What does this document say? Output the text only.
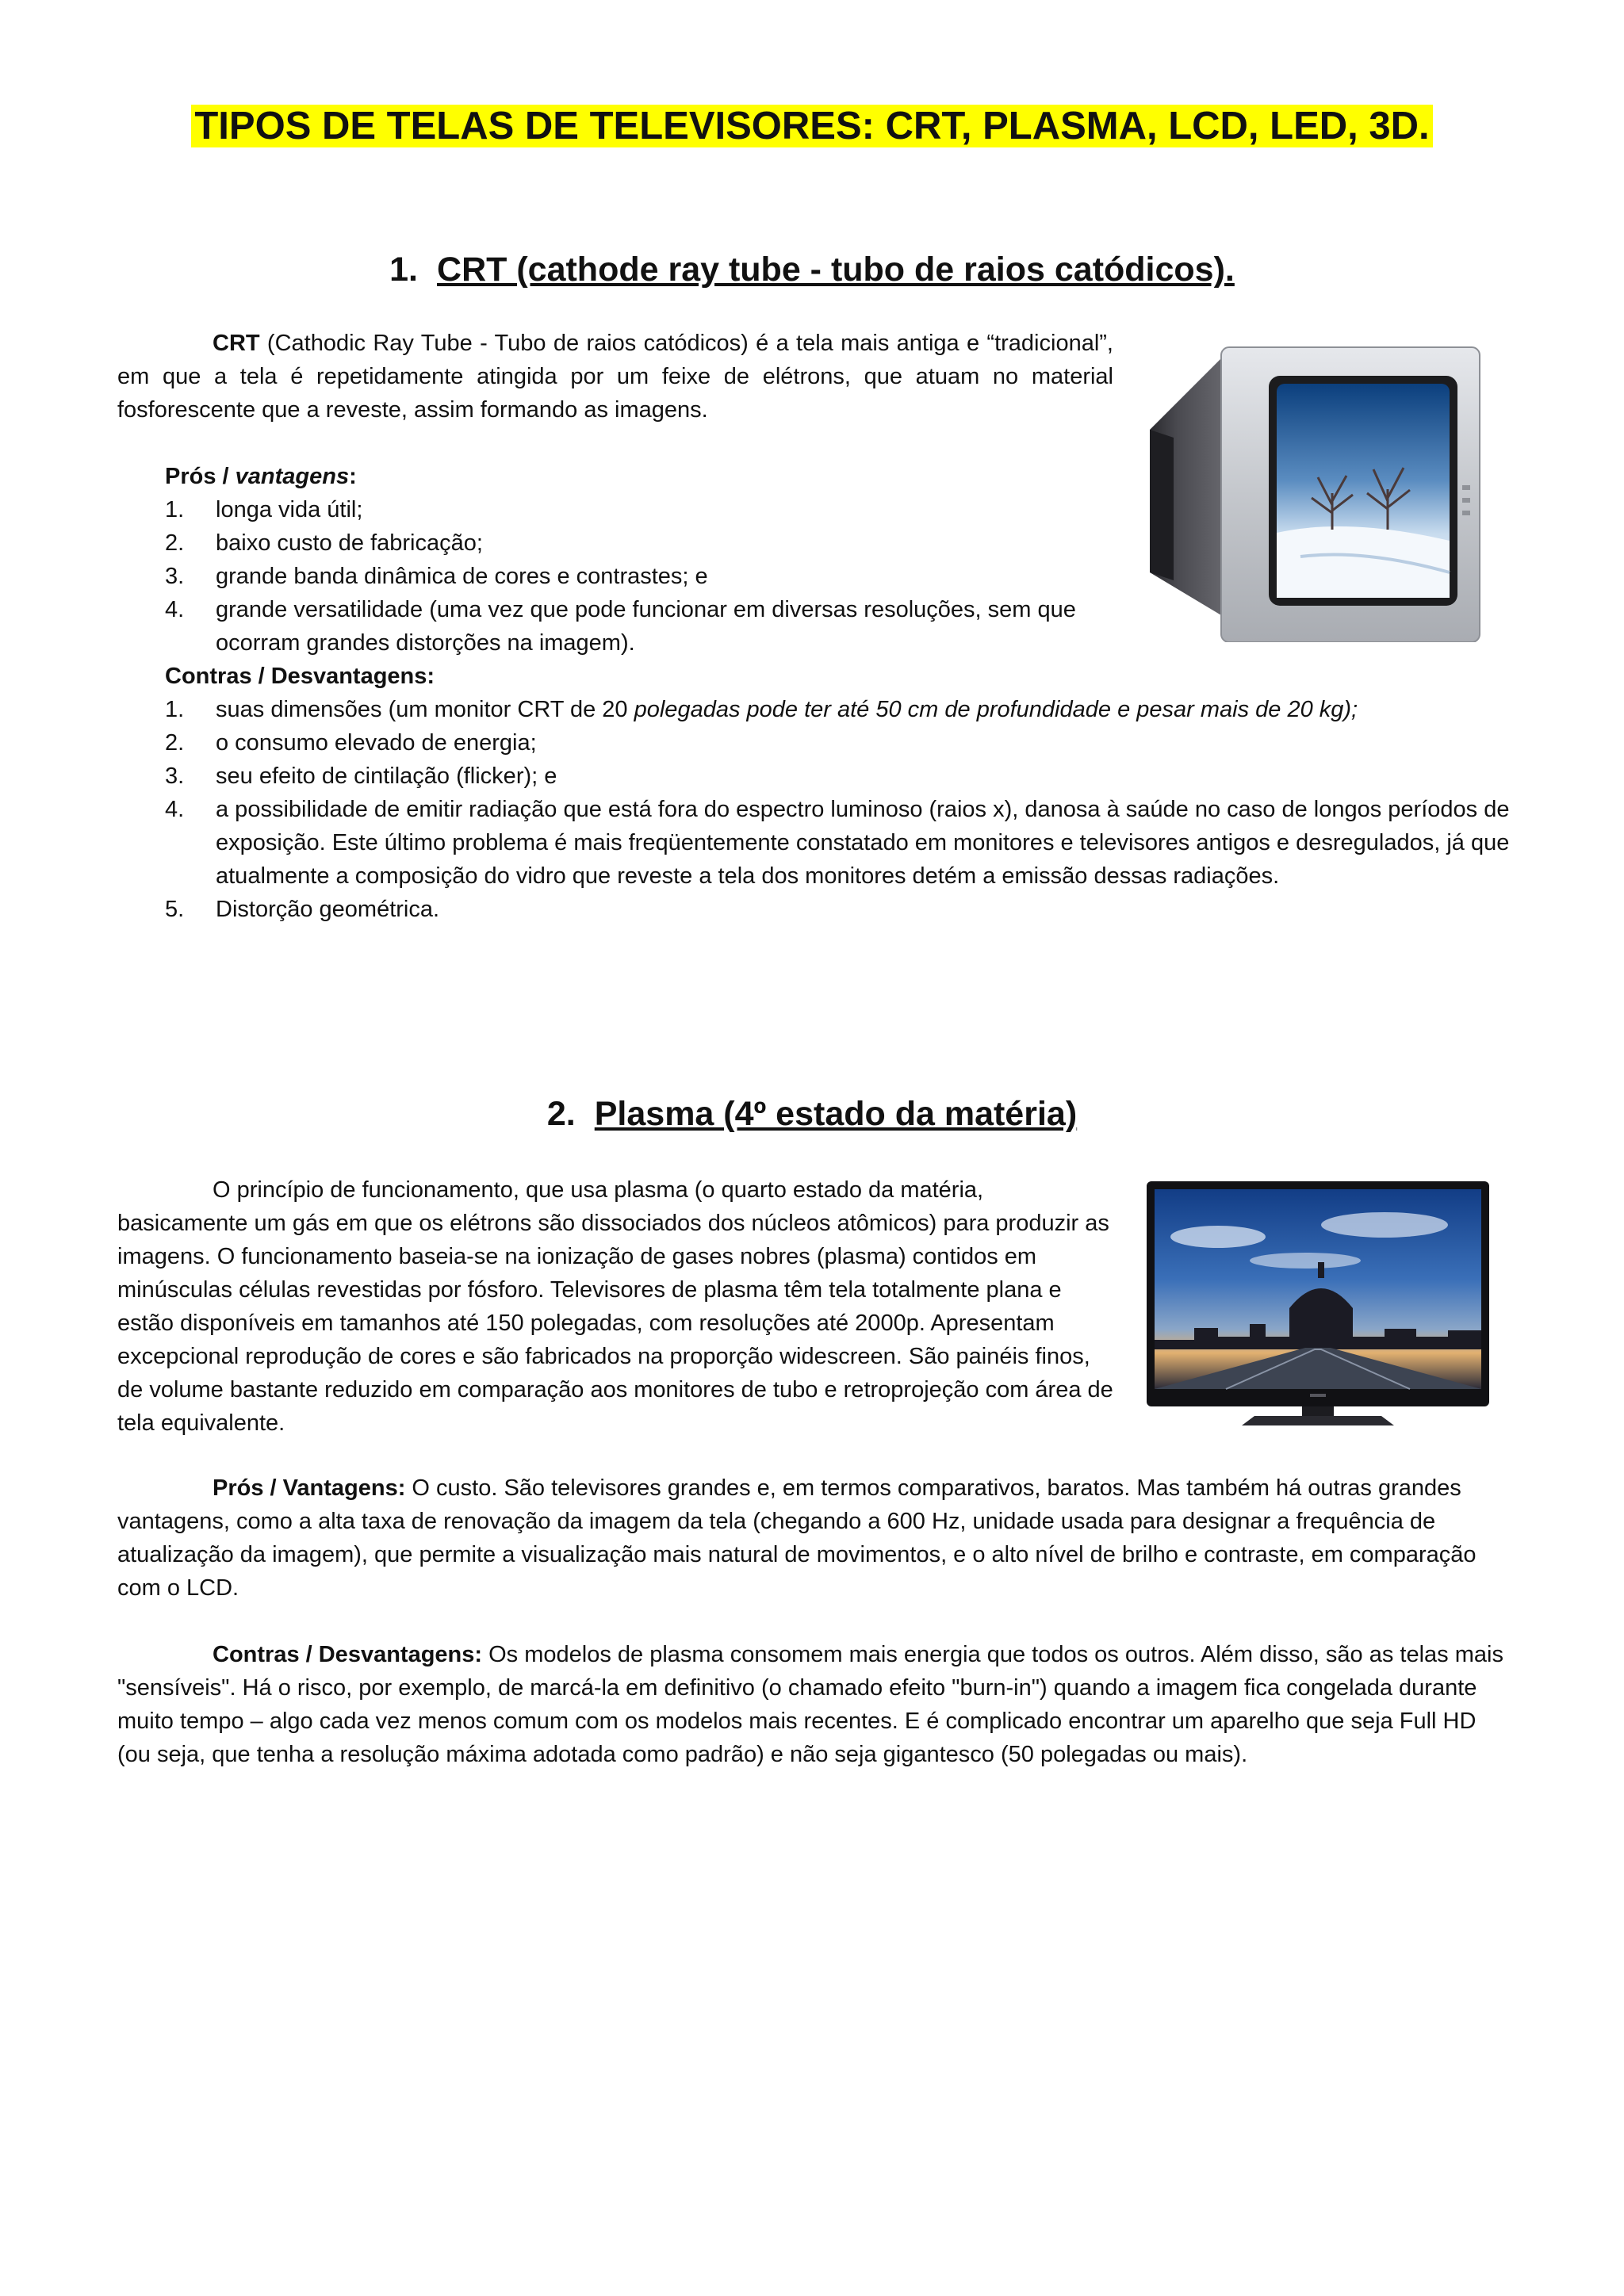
TIPOS DE TELAS DE TELEVISORES: CRT, PLASMA, LCD, LED, 3D.
1. CRT (cathode ray tube - tubo de raios catódicos).

CRT (Cathodic Ray Tube - Tubo de raios catódicos) é a tela mais antiga e “tradicional”, em que a tela é repetidamente atingida por um feixe de elétrons, que atuam no material fosforescente que a reveste, assim formando as imagens.

Prós / vantagens:
1. longa vida útil;
2. baixo custo de fabricação;
3. grande banda dinâmica de cores e contrastes; e
4. grande versatilidade (uma vez que pode funcionar em diversas resoluções, sem que ocorram grandes distorções na imagem).
Contras / Desvantagens:
1. suas dimensões (um monitor CRT de 20 polegadas pode ter até 50 cm de profundidade e pesar mais de 20 kg);
2. o consumo elevado de energia;
3. seu efeito de cintilação (flicker); e
4. a possibilidade de emitir radiação que está fora do espectro luminoso (raios x), danosa à saúde no caso de longos períodos de exposição. Este último problema é mais freqüentemente constatado em monitores e televisores antigos e desregulados, já que atualmente a composição do vidro que reveste a tela dos monitores detém a emissão dessas radiações.
5. Distorção geométrica.
2. Plasma (4º estado da matéria)

O princípio de funcionamento, que usa plasma (o quarto estado da matéria, basicamente um gás em que os elétrons são dissociados dos núcleos atômicos) para produzir as imagens. O funcionamento baseia-se na ionização de gases nobres (plasma) contidos em minúsculas células revestidas por fósforo. Televisores de plasma têm tela totalmente plana e estão disponíveis em tamanhos até 150 polegadas, com resoluções até 2000p. Apresentam excepcional reprodução de cores e são fabricados na proporção widescreen. São painéis finos, de volume bastante reduzido em comparação aos monitores de tubo e retroprojeção com área de tela equivalente.

Prós / Vantagens: O custo. São televisores grandes e, em termos comparativos, baratos. Mas também há outras grandes vantagens, como a alta taxa de renovação da imagem da tela (chegando a 600 Hz, unidade usada para designar a frequência de atualização da imagem), que permite a visualização mais natural de movimentos, e o alto nível de brilho e contraste, em comparação com o LCD.

Contras / Desvantagens: Os modelos de plasma consomem mais energia que todos os outros. Além disso, são as telas mais "sensíveis". Há o risco, por exemplo, de marcá-la em definitivo (o chamado efeito "burn-in") quando a imagem fica congelada durante muito tempo – algo cada vez menos comum com os modelos mais recentes. E é complicado encontrar um aparelho que seja Full HD (ou seja, que tenha a resolução máxima adotada como padrão) e não seja gigantesco (50 polegadas ou mais).
